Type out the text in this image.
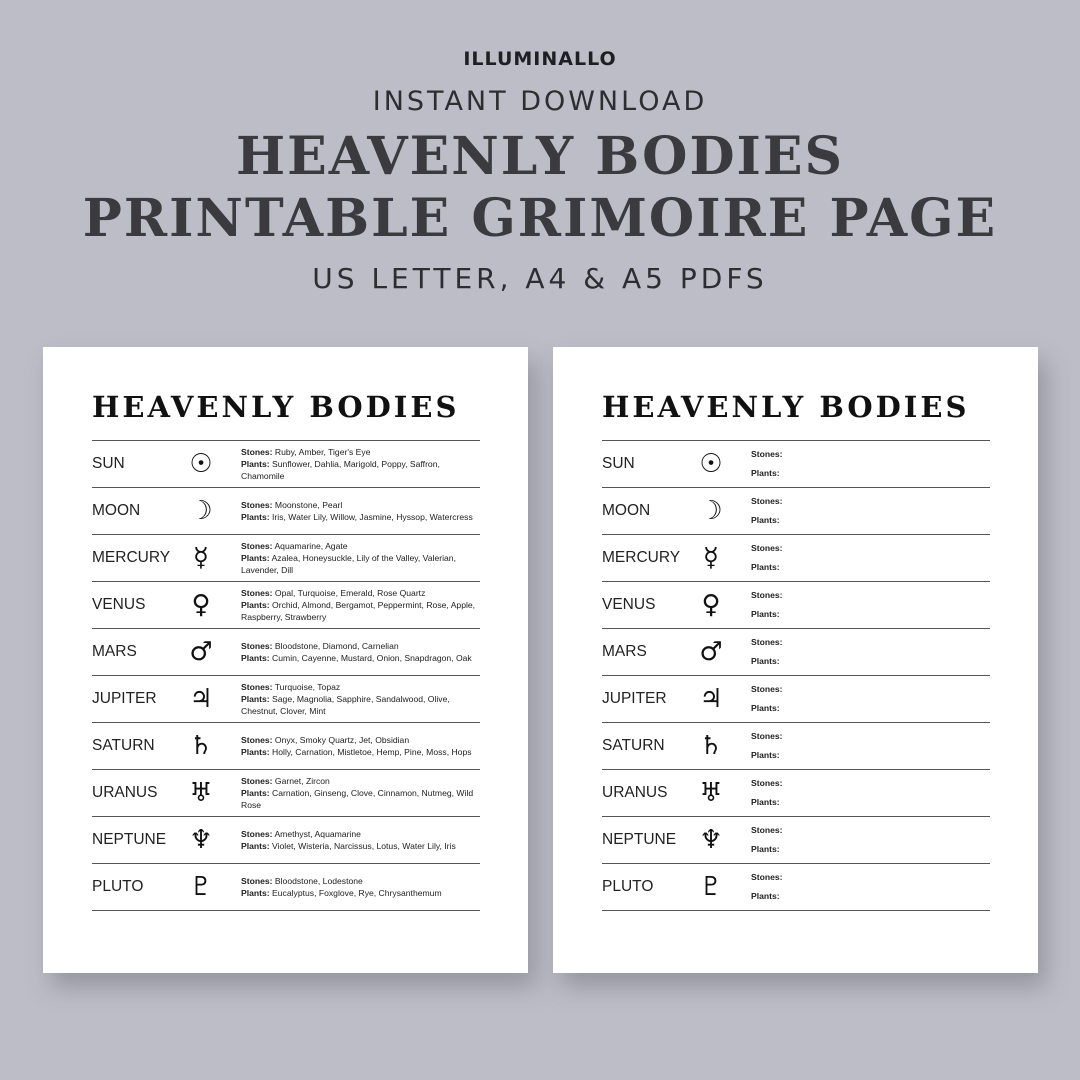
ILLUMINALLO
INSTANT DOWNLOAD
HEAVENLY BODIES
PRINTABLE GRIMOIRE PAGE
US LETTER, A4 & A5 PDFS
HEAVENLY BODIES
SUN	☉︎	Stones: Ruby, Amber, Tiger's Eye
Plants: Sunflower, Dahlia, Marigold, Poppy, Saffron, Chamomile
MOON	☽︎	Stones: Moonstone, Pearl
Plants: Iris, Water Lily, Willow, Jasmine, Hyssop, Watercress
MERCURY ☿︎	Stones: Aquamarine, Agate
Plants: Azalea, Honeysuckle, Lily of the Valley, Valerian, Lavender, Dill
VENUS	♀︎	Stones: Opal, Turquoise, Emerald, Rose Quartz
Plants: Orchid, Almond, Bergamot, Peppermint, Rose, Apple, Raspberry, Strawberry
MARS	♂︎	Stones: Bloodstone, Diamond, Carnelian
Plants: Cumin, Cayenne, Mustard, Onion, Snapdragon, Oak
JUPITER	♃︎	Stones: Turquoise, Topaz
Plants: Sage, Magnolia, Sapphire, Sandalwood, Olive, Chestnut, Clover, Mint
SATURN	♄︎	Stones: Onyx, Smoky Quartz, Jet, Obsidian
Plants: Holly, Carnation, Mistletoe, Hemp, Pine, Moss, Hops
URANUS	♅︎	Stones: Garnet, Zircon
Plants: Carnation, Ginseng, Clove, Cinnamon, Nutmeg, Wild Rose
NEPTUNE ♆︎	Stones: Amethyst, Aquamarine
Plants: Violet, Wisteria, Narcissus, Lotus, Water Lily, Iris
PLUTO	♇︎	Stones: Bloodstone, Lodestone
Plants: Eucalyptus, Foxglove, Rye, Chrysanthemum
HEAVENLY BODIES
SUN	☉︎	Stones:
Plants:
MOON	☽︎	Stones:
Plants:
MERCURY ☿︎	Stones:
Plants:
VENUS	♀︎	Stones:
Plants:
MARS	♂︎	Stones:
Plants:
JUPITER	♃︎	Stones:
Plants:
SATURN	♄︎	Stones:
Plants:
URANUS	♅︎	Stones:
Plants:
NEPTUNE ♆︎	Stones:
Plants:
PLUTO	♇︎	Stones:
Plants:
